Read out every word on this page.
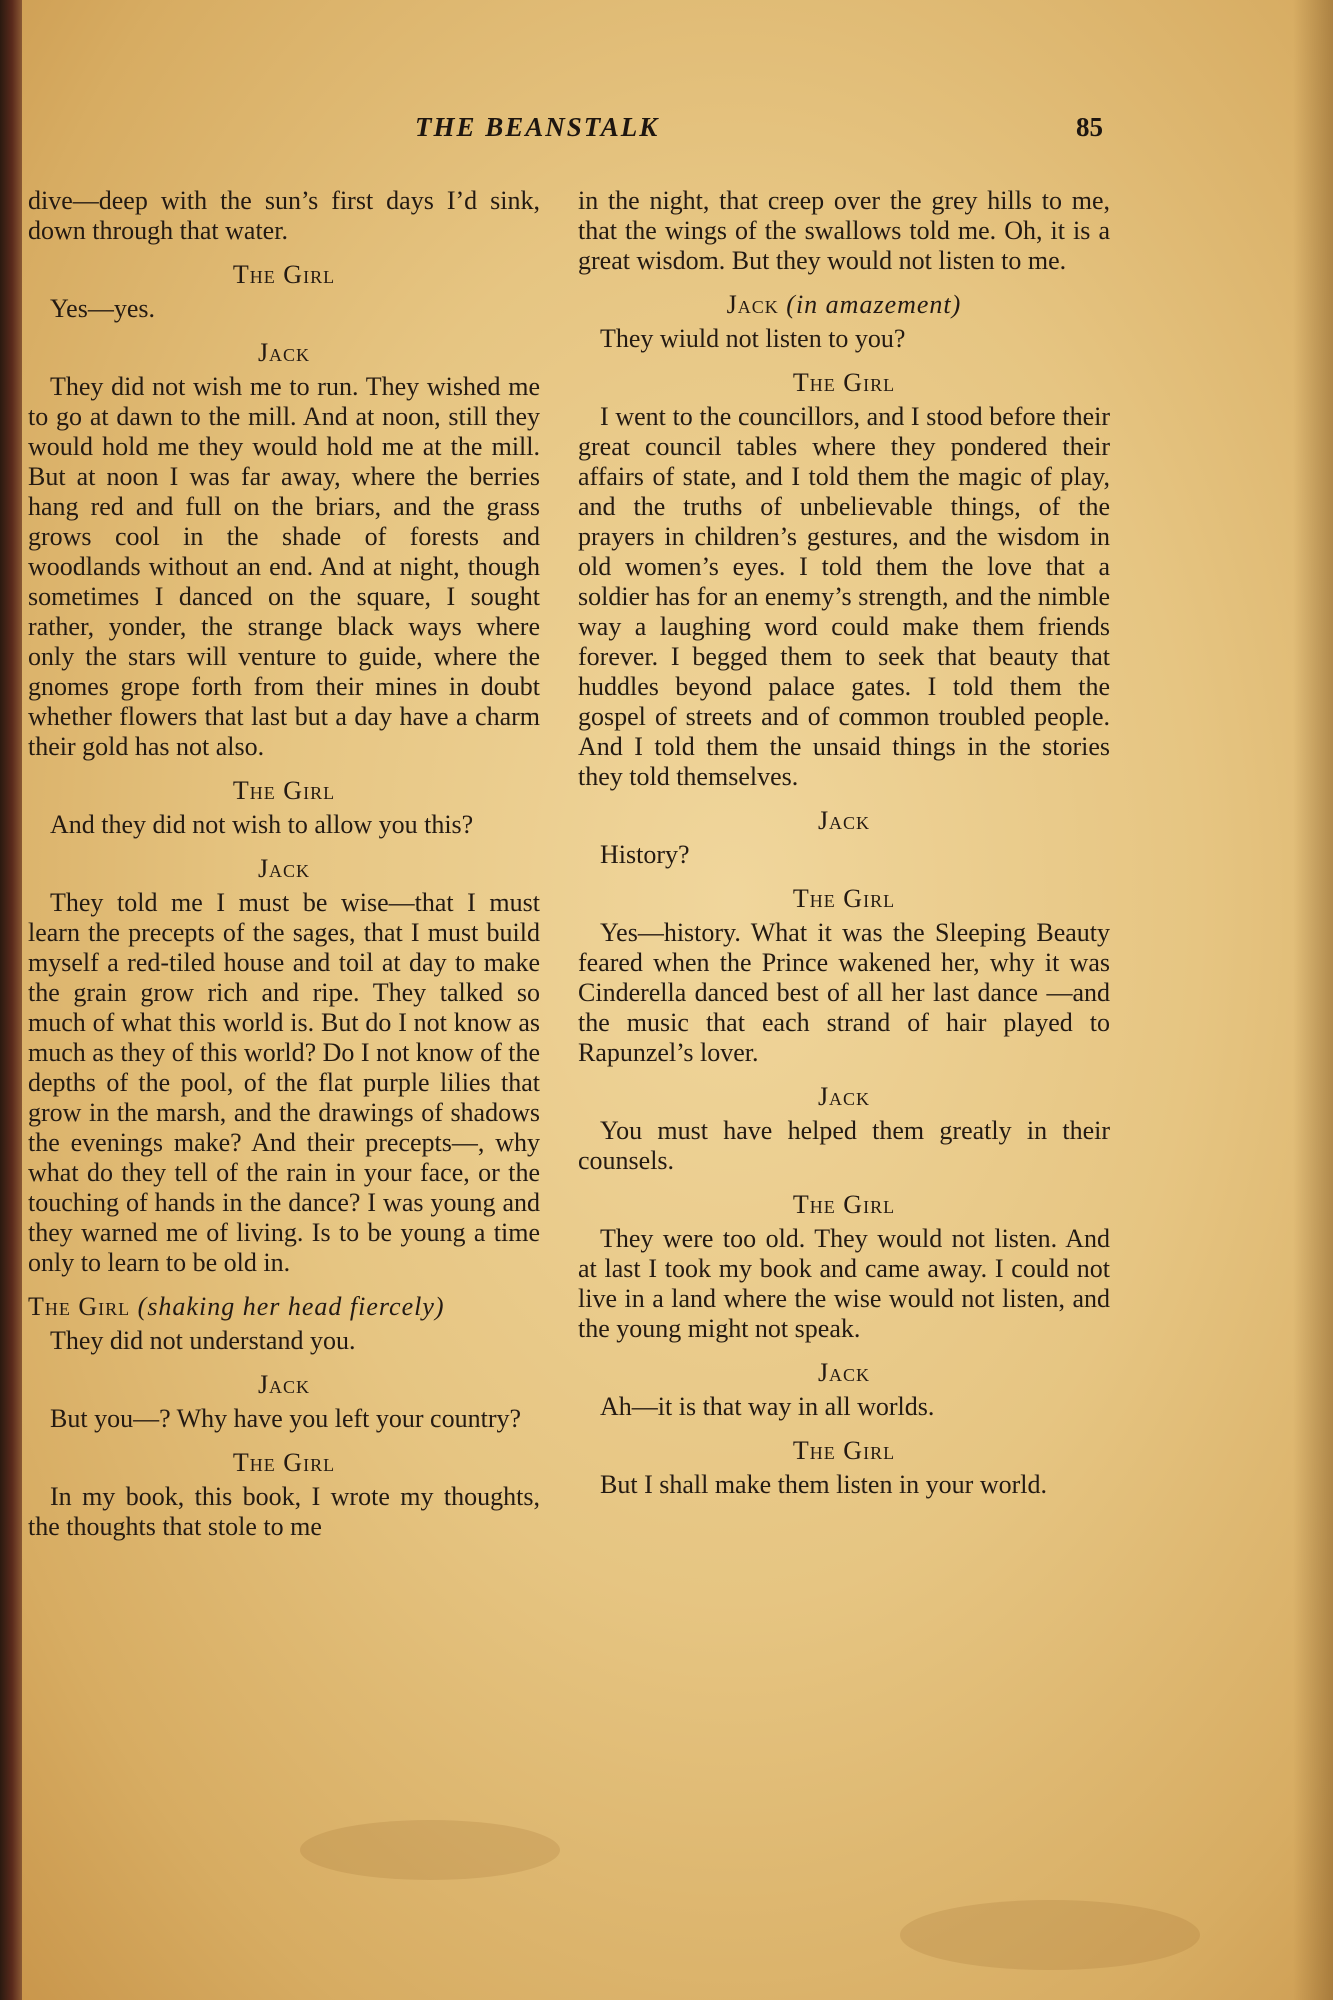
THE BEANSTALK	85

dive—deep with the sun’s first days I’d sink, down through that water.

The Girl

Yes—yes.

Jack

They did not wish me to run. They wished me to go at dawn to the mill. And at noon, still they would hold me they would hold me at the mill. But at noon I was far away, where the berries hang red and full on the briars, and the grass grows cool in the shade of forests and woodlands without an end. And at night, though sometimes I danced on the square, I sought rather, yonder, the strange black ways where only the stars will venture to guide, where the gnomes grope forth from their mines in doubt whether flowers that last but a day have a charm their gold has not also.

The Girl

And they did not wish to allow you this?

Jack

They told me I must be wise—that I must learn the precepts of the sages, that I must build myself a red-tiled house and toil at day to make the grain grow rich and ripe. They talked so much of what this world is. But do I not know as much as they of this world? Do I not know of the depths of the pool, of the flat purple lilies that grow in the marsh, and the drawings of shadows the evenings make? And their precepts—, why what do they tell of the rain in your face, or the touching of hands in the dance? I was young and they warned me of living. Is to be young a time only to learn to be old in.

The Girl (shaking her head fiercely)

They did not understand you.

Jack

But you—? Why have you left your country?

The Girl

In my book, this book, I wrote my thoughts, the thoughts that stole to me

in the night, that creep over the grey hills to me, that the wings of the swallows told me. Oh, it is a great wisdom. But they would not listen to me.

Jack (in amazement)

They wiuld not listen to you?

The Girl

I went to the councillors, and I stood before their great council tables where they pondered their affairs of state, and I told them the magic of play, and the truths of unbelievable things, of the prayers in children’s gestures, and the wisdom in old women’s eyes. I told them the love that a soldier has for an enemy’s strength, and the nimble way a laughing word could make them friends forever. I begged them to seek that beauty that huddles beyond palace gates. I told them the gospel of streets and of common troubled people. And I told them the unsaid things in the stories they told themselves.

Jack

History?

The Girl

Yes—history. What it was the Sleeping Beauty feared when the Prince wakened her, why it was Cinderella danced best of all her last dance —and the music that each strand of hair played to Rapunzel’s lover.

Jack

You must have helped them greatly in their counsels.

The Girl

They were too old. They would not listen. And at last I took my book and came away. I could not live in a land where the wise would not listen, and the young might not speak.

Jack

Ah—it is that way in all worlds.

The Girl

But I shall make them listen in your world.
